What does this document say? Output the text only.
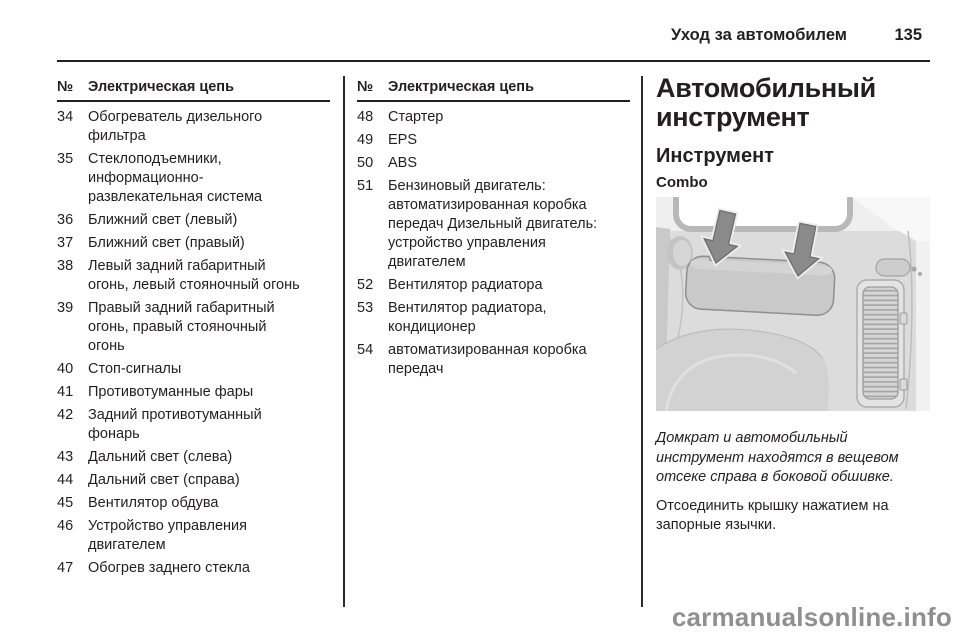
Уход за автомобилем	135
№	Электрическая цепь
34	Обогреватель дизельного фильтра
35	Стеклоподъемники, информационно-развлекательная система
36	Ближний свет (левый)
37	Ближний свет (правый)
38	Левый задний габаритный огонь, левый стояночный огонь
39	Правый задний габаритный огонь, правый стояночный огонь
40	Стоп-сигналы
41	Противотуманные фары
42	Задний противотуманный фонарь
43	Дальний свет (слева)
44	Дальний свет (справа)
45	Вентилятор обдува
46	Устройство управления двигателем
47	Обогрев заднего стекла
№	Электрическая цепь
48	Стартер
49	EPS
50	ABS
51	Бензиновый двигатель: автоматизированная коробка передач Дизельный двигатель: устройство управления двигателем
52	Вентилятор радиатора
53	Вентилятор радиатора, кондиционер
54	автоматизированная коробка передач
Автомобильный инструмент
Инструмент
Combo

Домкрат и автомобильный инструмент находятся в вещевом отсеке справа в боковой обшивке.

Отсоединить крышку нажатием на запорные язычки.

carmanualsonline.info
